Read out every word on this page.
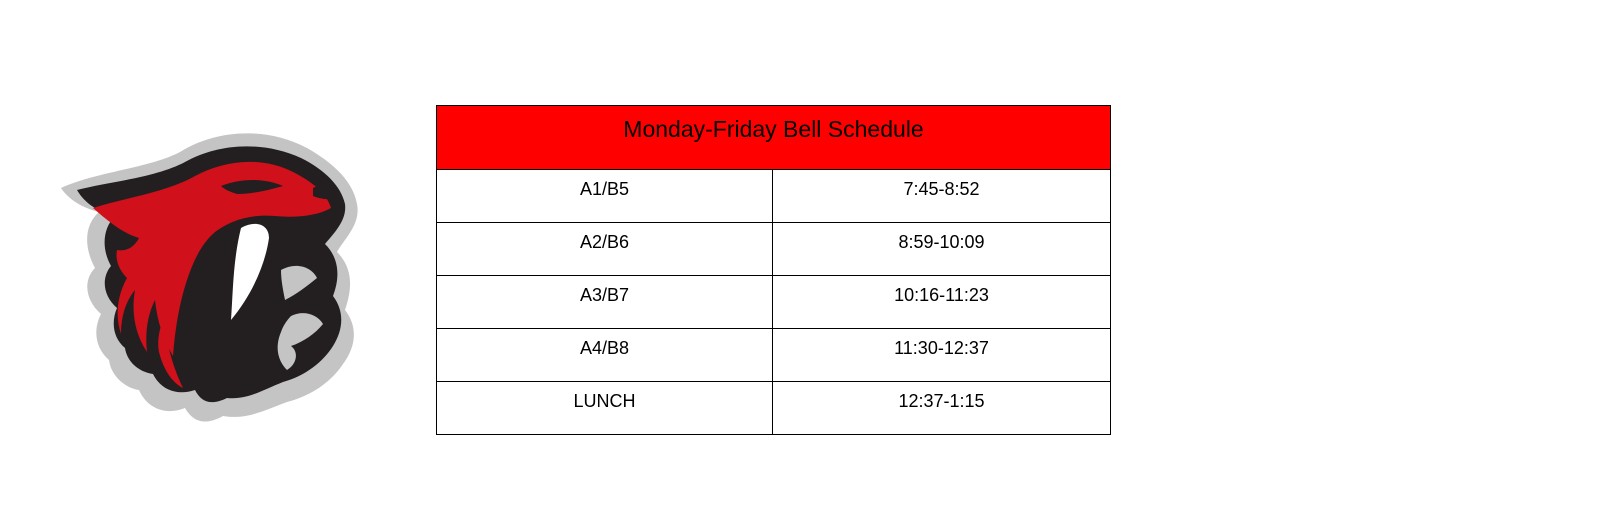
Monday-Friday Bell Schedule	
A1/B5	7:45-8:52
A2/B6	8:59-10:09
A3/B7	10:16-11:23
A4/B8	11:30-12:37
LUNCH	12:37-1:15
